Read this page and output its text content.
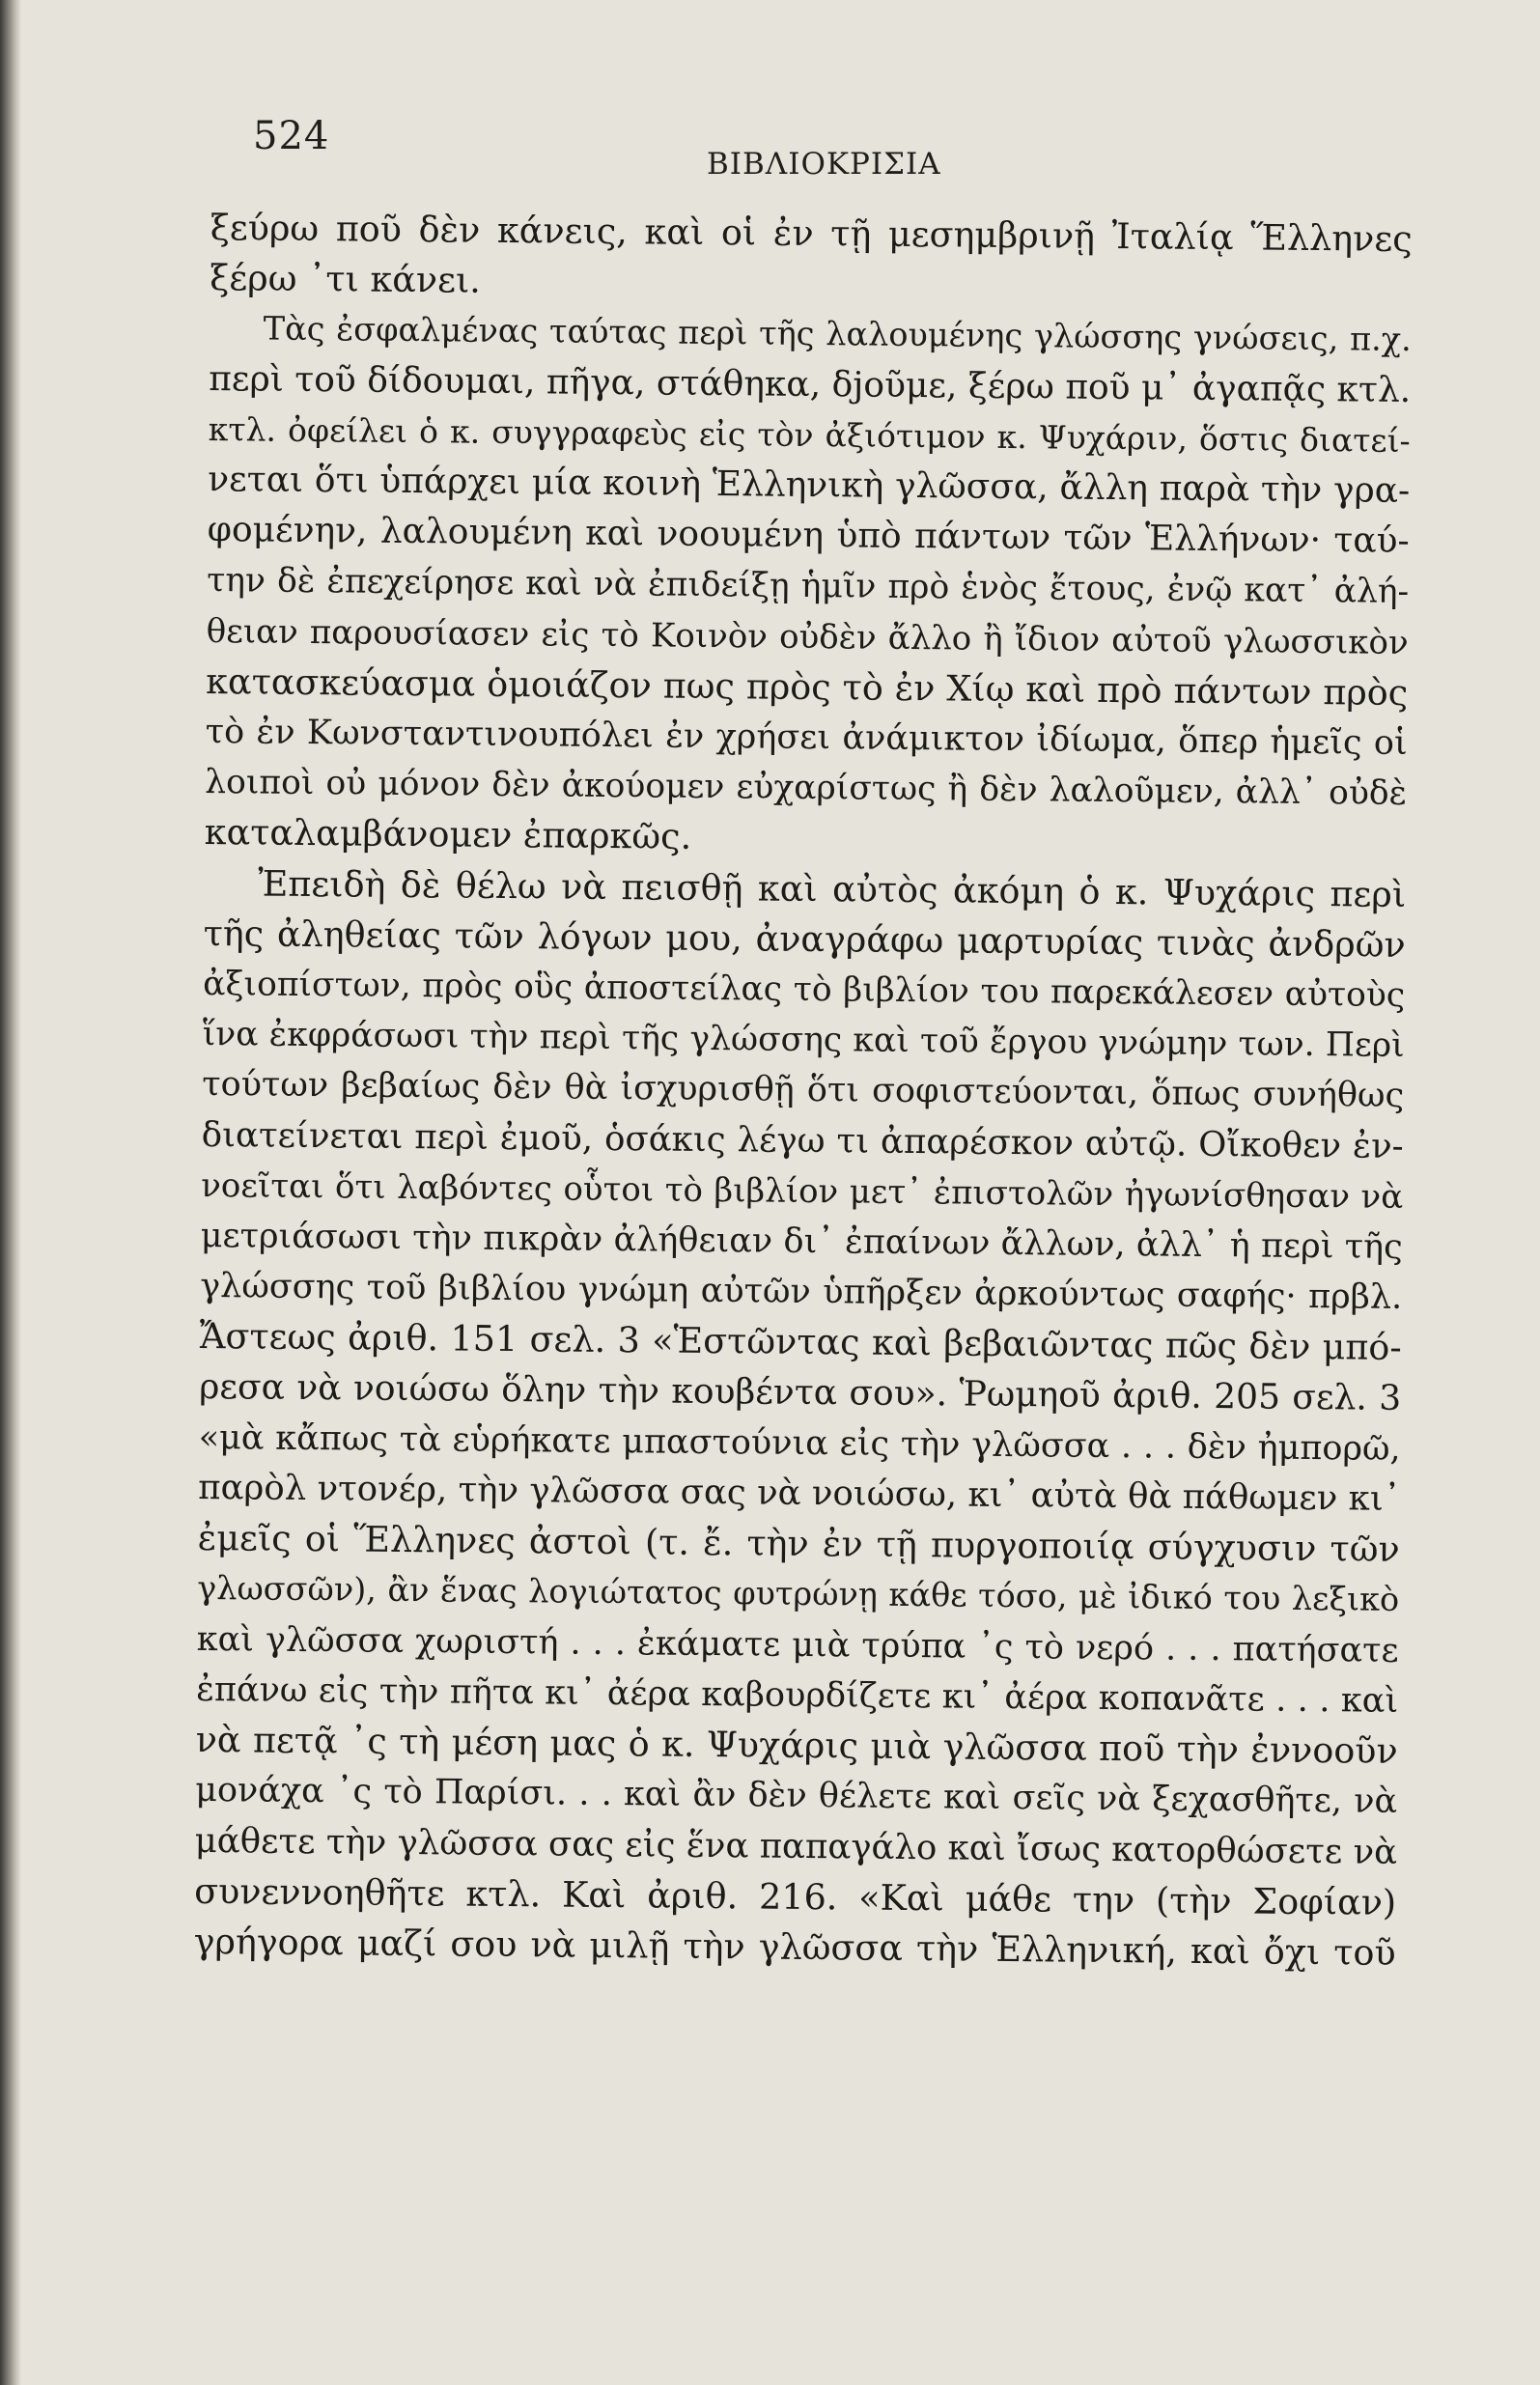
524
ΒΙΒΛΙΟΚΡΙΣΙΑ
ξεύρω ποῦ δὲν κάνεις, καὶ οἱ ἐν τῇ μεσημβρινῇ Ἰταλίᾳ Ἕλληνες
ξέρω ᾽τι κάνει.
Τὰς ἐσφαλμένας ταύτας περὶ τῆς λαλουμένης γλώσσης γνώσεις, π.χ.
περὶ τοῦ δίδουμαι, πῆγα, στάθηκα, δjοῦμε, ξέρω ποῦ μ᾽ ἀγαπᾷς κτλ.
κτλ. ὀφείλει ὁ κ. συγγραφεὺς εἰς τὸν ἀξιότιμον κ. Ψυχάριν, ὅστις διατεί-
νεται ὅτι ὑπάρχει μία κοινὴ Ἑλληνικὴ γλῶσσα, ἄλλη παρὰ τὴν γρα-
φομένην, λαλουμένη καὶ νοουμένη ὑπὸ πάντων τῶν Ἑλλήνων· ταύ-
την δὲ ἐπεχείρησε καὶ νὰ ἐπιδείξῃ ἡμῖν πρὸ ἑνὸς ἔτους, ἐνῷ κατ᾽ ἀλή-
θειαν παρουσίασεν εἰς τὸ Κοινὸν οὐδὲν ἄλλο ἢ ἴδιον αὐτοῦ γλωσσικὸν
κατασκεύασμα ὁμοιάζον πως πρὸς τὸ ἐν Χίῳ καὶ πρὸ πάντων πρὸς
τὸ ἐν Κωνσταντινουπόλει ἐν χρήσει ἀνάμικτον ἰδίωμα, ὅπερ ἡμεῖς οἱ
λοιποὶ οὐ μόνον δὲν ἀκούομεν εὐχαρίστως ἢ δὲν λαλοῦμεν, ἀλλ᾽ οὐδὲ
καταλαμβάνομεν ἐπαρκῶς.
Ἐπειδὴ δὲ θέλω νὰ πεισθῇ καὶ αὐτὸς ἀκόμη ὁ κ. Ψυχάρις περὶ
τῆς ἀληθείας τῶν λόγων μου, ἀναγράφω μαρτυρίας τινὰς ἀνδρῶν
ἀξιοπίστων, πρὸς οὓς ἀποστείλας τὸ βιβλίον του παρεκάλεσεν αὐτοὺς
ἵνα ἐκφράσωσι τὴν περὶ τῆς γλώσσης καὶ τοῦ ἔργου γνώμην των. Περὶ
τούτων βεβαίως δὲν θὰ ἰσχυρισθῇ ὅτι σοφιστεύονται, ὅπως συνήθως
διατείνεται περὶ ἐμοῦ, ὁσάκις λέγω τι ἀπαρέσκον αὐτῷ. Οἴκοθεν ἐν-
νοεῖται ὅτι λαβόντες οὗτοι τὸ βιβλίον μετ᾽ ἐπιστολῶν ἠγωνίσθησαν νὰ
μετριάσωσι τὴν πικρὰν ἀλήθειαν δι᾽ ἐπαίνων ἄλλων, ἀλλ᾽ ἡ περὶ τῆς
γλώσσης τοῦ βιβλίου γνώμη αὐτῶν ὑπῆρξεν ἀρκούντως σαφής· πρβλ.
Ἄστεως ἀριθ. 151 σελ. 3 «Ἑστῶντας καὶ βεβαιῶντας πῶς δὲν μπό-
ρεσα νὰ νοιώσω ὅλην τὴν κουβέντα σου». Ῥωμηοῦ ἀριθ. 205 σελ. 3
«μὰ κἄπως τὰ εὑρήκατε μπαστούνια εἰς τὴν γλῶσσα . . . δὲν ἠμπορῶ,
παρὸλ ντονέρ, τὴν γλῶσσα σας νὰ νοιώσω, κι᾽ αὐτὰ θὰ πάθωμεν κι᾽
ἐμεῖς οἱ Ἕλληνες ἀστοὶ (τ. ἔ. τὴν ἐν τῇ πυργοποιίᾳ σύγχυσιν τῶν
γλωσσῶν), ἂν ἕνας λογιώτατος φυτρώνῃ κάθε τόσο, μὲ ἰδικό του λεξικὸ
καὶ γλῶσσα χωριστή . . . ἐκάματε μιὰ τρύπα ᾽ς τὸ νερό . . . πατήσατε
ἐπάνω εἰς τὴν πῆτα κι᾽ ἀέρα καβουρδίζετε κι᾽ ἀέρα κοπανᾶτε . . . καὶ
νὰ πετᾷ ᾽ς τὴ μέση μας ὁ κ. Ψυχάρις μιὰ γλῶσσα ποῦ τὴν ἐννοοῦν
μονάχα ᾽ς τὸ Παρίσι. . . καὶ ἂν δὲν θέλετε καὶ σεῖς νὰ ξεχασθῆτε, νὰ
μάθετε τὴν γλῶσσα σας εἰς ἕνα παπαγάλο καὶ ἴσως κατορθώσετε νὰ
συνεννοηθῆτε κτλ. Καὶ ἀριθ. 216. «Καὶ μάθε την (τὴν Σοφίαν)
γρήγορα μαζί σου νὰ μιλῇ τὴν γλῶσσα τὴν Ἑλληνική, καὶ ὄχι τοῦ
